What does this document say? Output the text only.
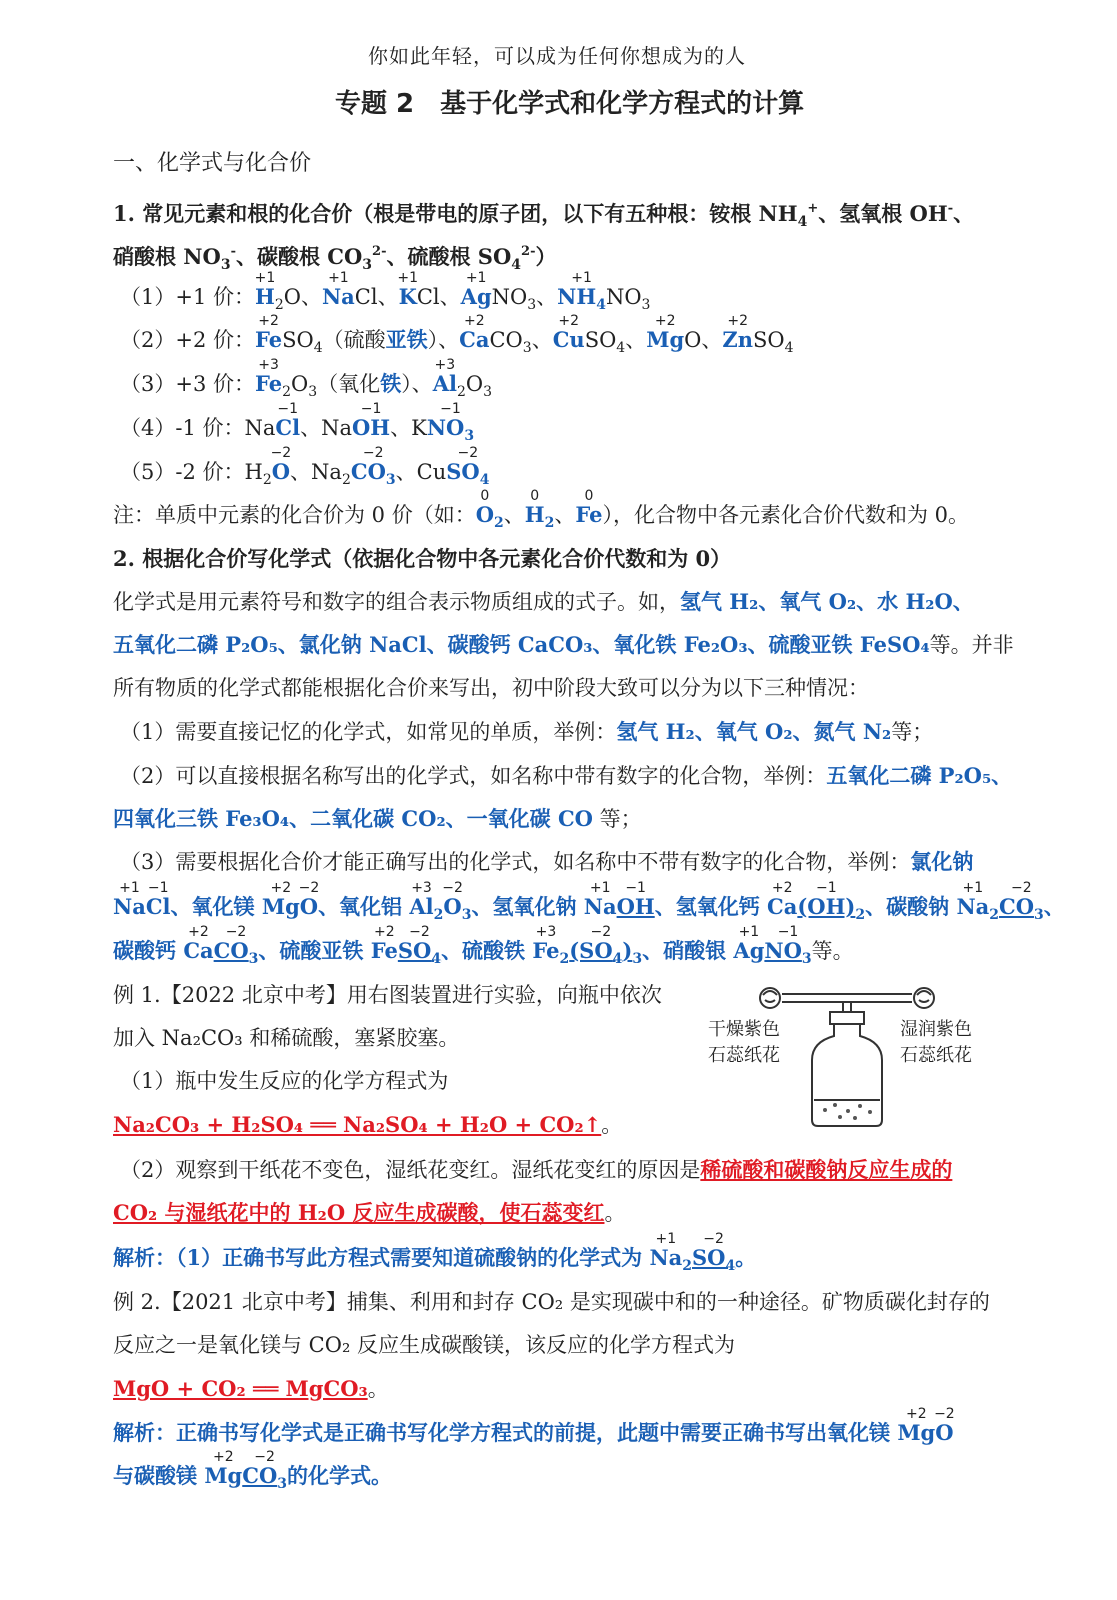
你如此年轻，可以成为任何你想成为的人
专题 2　基于化学式和化学方程式的计算
一、化学式与化合价
1. 常见元素和根的化合价（根是带电的原子团，以下有五种根：铵根 $NH_4^+$、氢氧根 OH-、
硝酸根 $NO_3^-$、碳酸根 $CO_3^{2-}$、硫酸根 $SO_4^{2-}$）
（1）+1 价：+1 $H_2O$、+1 NaCl、+1 KCl、+1 AgNO$_3$、+1 $NH_4NO_3$
（2）+2 价：+2 FeSO$_4$（硫酸亚铁）、+2 CaCO$_3$、+2 CuSO$_4$、+2 MgO、+2 ZnSO$_4$
（3）+3 价：+3 $Fe_2O_3$（氧化铁）、+3 $Al_2O_3$
（4）-1 价：Na−1 Cl、Na−1 OH、K−1 $NO_3$
（5）-2 价：$H_2-2$ O、$Na_2-2$ $CO_3$、Cu−2 $SO_4$
注：单质中元素的化合价为 0 价（如：0 $O_2$、0 $H_2$、0 Fe），化合物中各元素化合价代数和为 0。
2. 根据化合价写化学式（依据化合物中各元素化合价代数和为 0）
化学式是用元素符号和数字的组合表示物质组成的式子。如，氢气 H₂、氧气 O₂、水 H₂O、
五氧化二磷 P₂O₅、氯化钠 NaCl、碳酸钙 CaCO₃、氧化铁 Fe₂O₃、硫酸亚铁 FeSO₄等。并非
所有物质的化学式都能根据化合价来写出，初中阶段大致可以分为以下三种情况：
（1）需要直接记忆的化学式，如常见的单质，举例：氢气 H₂、氧气 O₂、氮气 N₂等；
（2）可以直接根据名称写出的化学式，如名称中带有数字的化合物，举例：五氧化二磷 P₂O₅、
四氧化三铁 Fe₃O₄、二氧化碳 CO₂、一氧化碳 CO 等；
（3）需要根据化合价才能正确写出的化学式，如名称中不带有数字的化合物，举例：氯化钠
+1 Na−1 Cl、氧化镁 +2 Mg−2 O、氧化铝 +3 $Al_2-2$ $O_3$、氢氧化钠 +1 Na−1 OH、氢氧化钙 +2 Ca−1 $(OH)_2$、碳酸钠 +1 $Na_2-2$ $CO_3$、
碳酸钙 +2 Ca−2 $CO_3$、硫酸亚铁 +2 Fe−2 $SO_4$、硫酸铁 +3 $Fe_2-2$ $(SO_4)_3$、硝酸银 +1 Ag−1 $NO_3$等。
例 1.【2022 北京中考】用右图装置进行实验，向瓶中依次
加入 Na₂CO₃ 和稀硫酸，塞紧胶塞。
（1）瓶中发生反应的化学方程式为
Na₂CO₃ + H₂SO₄ ══ Na₂SO₄ + H₂O + CO₂↑。
（2）观察到干纸花不变色，湿纸花变红。湿纸花变红的原因是稀硫酸和碳酸钠反应生成的
CO₂ 与湿纸花中的 H₂O 反应生成碳酸，使石蕊变红。
解析：（1）正确书写此方程式需要知道硫酸钠的化学式为 +1 $Na_2-2$ $SO_4$。
干燥紫色
石蕊纸花
湿润紫色
石蕊纸花
例 2.【2021 北京中考】捕集、利用和封存 CO₂ 是实现碳中和的一种途径。矿物质碳化封存的
反应之一是氧化镁与 CO₂ 反应生成碳酸镁，该反应的化学方程式为
MgO + CO₂ ══ MgCO₃。
解析：正确书写化学式是正确书写化学方程式的前提，此题中需要正确书写出氧化镁 +2 Mg−2 O
与碳酸镁 +2 Mg−2 $CO_3$的化学式。
